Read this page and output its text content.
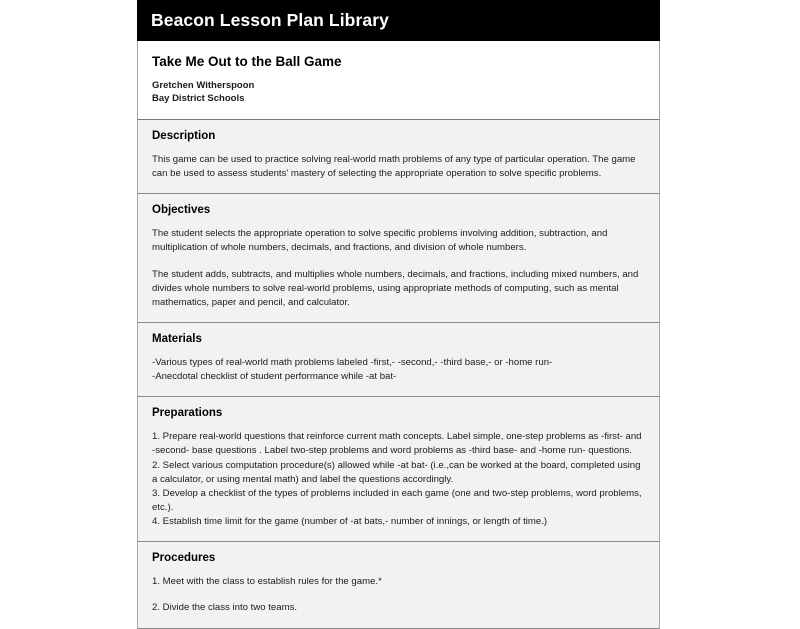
Beacon Lesson Plan Library
Take Me Out to the Ball Game
Gretchen Witherspoon
Bay District Schools
Description

This game can be used to practice solving real-world math problems of any type of particular operation. The game can be used to assess students' mastery of selecting the appropriate operation to solve specific problems.

Objectives

The student selects the appropriate operation to solve specific problems involving addition, subtraction, and multiplication of whole numbers, decimals, and fractions, and division of whole numbers.

The student adds, subtracts, and multiplies whole numbers, decimals, and fractions, including mixed numbers, and divides whole numbers to solve real-world problems, using appropriate methods of computing, such as mental mathematics, paper and pencil, and calculator.

Materials

-Various types of real-world math problems labeled -first,- -second,- -third base,- or -home run-

-Anecdotal checklist of student performance while -at bat-

Preparations

1. Prepare real-world questions that reinforce current math concepts. Label simple, one-step problems as -first- and -second- base questions . Label two-step problems and word problems as -third base- and -home run- questions.

2. Select various computation procedure(s) allowed while -at bat- (i.e.,can be worked at the board, completed using a calculator, or using mental math) and label the questions accordingly.

3. Develop a checklist of the types of problems included in each game (one and two-step problems, word problems, etc.).

4. Establish time limit for the game (number of -at bats,- number of innings, or length of time.)

Procedures

1. Meet with the class to establish rules for the game.*

2. Divide the class into two teams.
